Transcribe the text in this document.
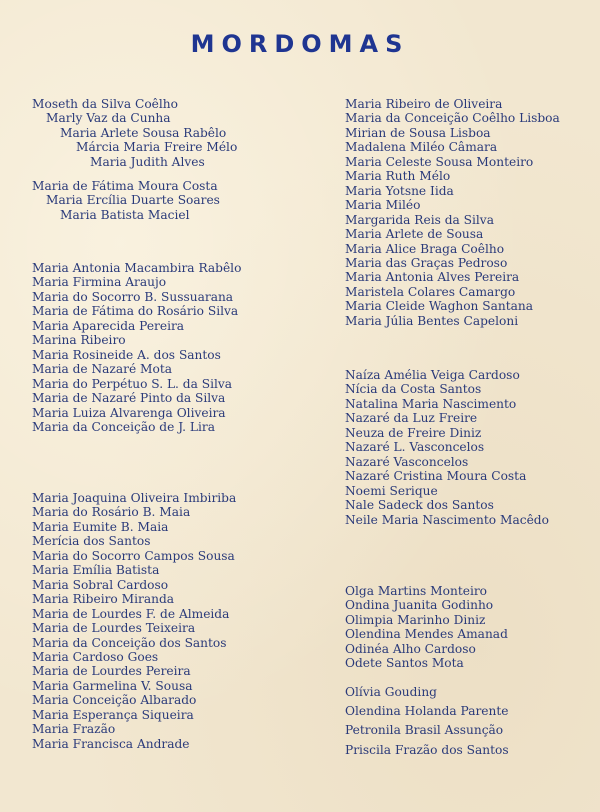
MORDOMAS
Moseth da Silva Coêlho
Marly Vaz da Cunha
Maria Arlete Sousa Rabêlo
Márcia Maria Freire Mélo
Maria Judith Alves
Maria de Fátima Moura Costa
Maria Ercília Duarte Soares
Maria Batista Maciel
Maria Antonia Macambira Rabêlo
Maria Firmina Araujo
Maria do Socorro B. Sussuarana
Maria de Fátima do Rosário Silva
Maria Aparecida Pereira
Marina Ribeiro
Maria Rosineide A. dos Santos
Maria de Nazaré Mota
Maria do Perpétuo S. L. da Silva
Maria de Nazaré Pinto da Silva
Maria Luiza Alvarenga Oliveira
Maria da Conceição de J. Lira
Maria Joaquina Oliveira Imbiriba
Maria do Rosário B. Maia
Maria Eumite B. Maia
Merícia dos Santos
Maria do Socorro Campos Sousa
Maria Emília Batista
Maria Sobral Cardoso
Maria Ribeiro Miranda
Maria de Lourdes F. de Almeida
Maria de Lourdes Teixeira
Maria da Conceição dos Santos
Maria Cardoso Goes
Maria de Lourdes Pereira
Maria Garmelina V. Sousa
Maria Conceição Albarado
Maria Esperança Siqueira
Maria Frazão
Maria Francisca Andrade
Maria Ribeiro de Oliveira
Maria da Conceição Coêlho Lisboa
Mirian de Sousa Lisboa
Madalena Miléo Câmara
Maria Celeste Sousa Monteiro
Maria Ruth Mélo
Maria Yotsne Iida
Maria Miléo
Margarida Reis da Silva
Maria Arlete de Sousa
Maria Alice Braga Coêlho
Maria das Graças Pedroso
Maria Antonia Alves Pereira
Maristela Colares Camargo
Maria Cleide Waghon Santana
Maria Júlia Bentes Capeloni
Naíza Amélia Veiga Cardoso
Nícia da Costa Santos
Natalina Maria Nascimento
Nazaré da Luz Freire
Neuza de Freire Diniz
Nazaré L. Vasconcelos
Nazaré Vasconcelos
Nazaré Cristina Moura Costa
Noemi Serique
Nale Sadeck dos Santos
Neile Maria Nascimento Macêdo
Olga Martins Monteiro
Ondina Juanita Godinho
Olimpia Marinho Diniz
Olendina Mendes Amanad
Odinéa Alho Cardoso
Odete Santos Mota
Olívia Gouding
Olendina Holanda Parente
Petronila Brasil Assunção
Priscila Frazão dos Santos
